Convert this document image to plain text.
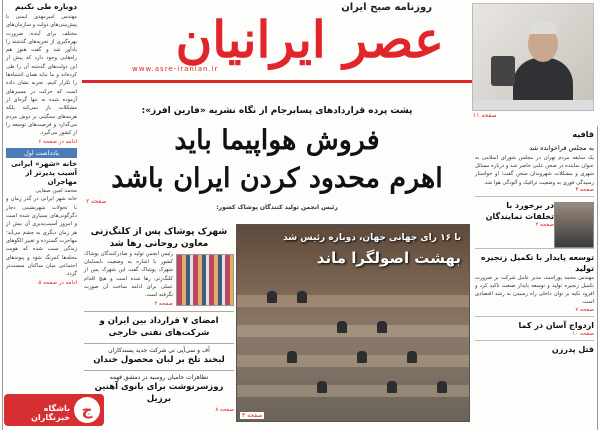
روزنامه صبح ایران
عصر ایرانیان
www.asre-iranian.ir
صفحه ۱۱
دوباره طی نکنیم
مهندس امیرمهدی ایمنی با پیش‌بینی‌های دولت و سازمان‌های مختلف برای آینده، ضرورت بهره‌گیری از تجربه‌های گذشته را یادآور شد و گفت هنوز هم راه‌هایی وجود دارد که پیش از این دولت‌های گذشته آن را طی کرده‌اند و ما نباید همان اشتباه‌ها را تکرار کنیم. تجربه نشان داده است که حرکت در مسیرهای آزموده شده نه تنها گره‌ای از مشکلات باز نمی‌کند بلکه هزینه‌های سنگینی بر دوش مردم می‌گذارد و فرصت‌های توسعه را از کشور می‌گیرد.
ادامه در صفحه ۶
یادداشت اول
خانه «شهر» ایرانی آسیب پذیرتر از مهاجران
محمد امین صفایی
خانه شهر ایرانی در گذر زمان و با تحولات شهرنشینی دچار دگرگونی‌های بسیاری شده است و امروز آسیب‌پذیری آن بیش از هر زمان دیگری به چشم می‌آید؛ مهاجرت گسترده و تغییر الگوهای زندگی سبب شده که هویت محله‌ها کمرنگ شود و پیوندهای اجتماعی میان ساکنان سست‌تر گردد.
ادامه در صفحه ۵
پشت پرده قراردادهای پسابرجام از نگاه نشریه «فارین افرز»:
فروش هواپیما باید
اهرم محدود کردن ایران باشد
صفحه ۲
قافیه
به مجلس فراخوانده شد
یک سابقه مردم تهران در مجلس شورای اسلامی به عنوان نماینده در صحن علنی حاضر شد و درباره مسائل شهری و مشکلات شهروندان سخن گفت؛ او خواستار رسیدگی فوری به وضعیت ترافیک و آلودگی هوا شد.
صفحه ۳
در برخورد با تخلفات نمایندگان
صفحه ۲
توسعه پایدار با تکمیل زنجیره تولید
مهندس محمد پوراحمد، مدیر عامل شرکت بر ضرورت تکمیل زنجیره تولید و توسعه پایدار صنعت تاکید کرد و افزود تکیه بر توان داخلی راه رسیدن به رشد اقتصادی است.
صفحه ۷
ازدواج آسان در کما
صفحه ۱۰
قتل پدرزن
رئیس انجمن تولید کنندگان پوشاک کشور:
با ۱۶ رای جهانی جهان، دوباره رئیس شد
بهشت اصولگرا ماند
صفحه ۴
شهرک پوشاک پس از کلنگ‌زنی معاون روحانی رها شد
رئیس انجمن تولید و صادرکنندگان پوشاک کشور با اشاره به وضعیت نابسامان شهرک پوشاک گفت این شهرک پس از کلنگ‌زنی رها شده است و هیچ اقدام عملی برای ادامه ساخت آن صورت نگرفته است.
صفحه ۲
امضای ۷ قرارداد بین ایران و شرکت‌های نفتی خارجی
آف و سی‌آپی تی شرکت جدید پسندکاران
لبخند تلخ بر لبان محصول خندان
تظاهرات حامیان روسیه در دمشق فهمه
روزسرنوشت برای بانوی آهنین برزیل
صفحه ۸
ج
باشگاه خبرنگاران
